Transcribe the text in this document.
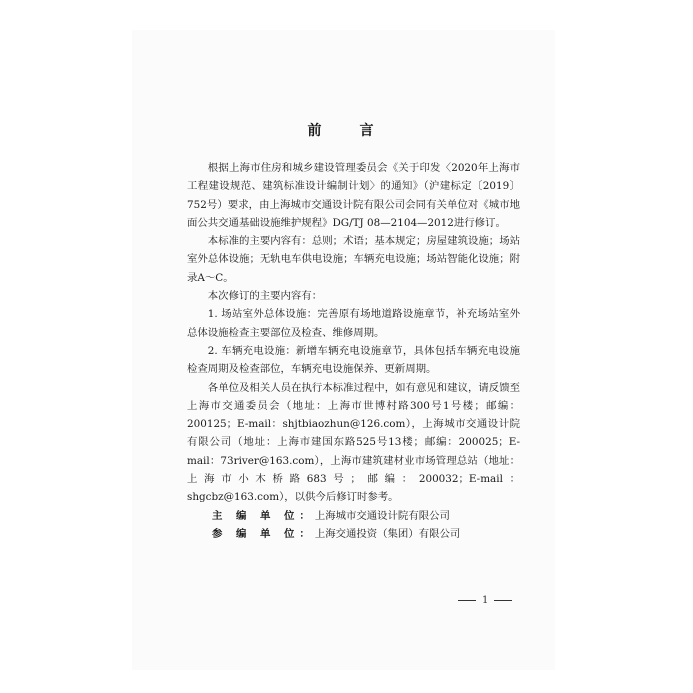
前　言

根据上海市住房和城乡建设管理委员会《关于印发〈2020年上海市工程建设规范、建筑标准设计编制计划〉的通知》（沪建标定〔2019〕752号）要求，由上海城市交通设计院有限公司会同有关单位对《城市地面公共交通基础设施维护规程》DG/TJ 08—2104—2012进行修订。

本标准的主要内容有：总则；术语；基本规定；房屋建筑设施；场站室外总体设施；无轨电车供电设施；车辆充电设施；场站智能化设施；附录A～C。

本次修订的主要内容有：

1. 场站室外总体设施：完善原有场地道路设施章节，补充场站室外总体设施检查主要部位及检查、维修周期。

2. 车辆充电设施：新增车辆充电设施章节，具体包括车辆充电设施检查周期及检查部位，车辆充电设施保养、更新周期。

各单位及相关人员在执行本标准过程中，如有意见和建议，请反馈至上海市交通委员会（地址：上海市世博村路300号1号楼；邮编：200125；E-mail：shjtbiaozhun@126.com），上海城市交通设计院有限公司（地址：上海市建国东路525号13楼；邮编：200025；E-mail：73river@163.com），上海市建筑建材业市场管理总站（地址：上海市小木桥路683号；邮编：200032；E-mail：shgcbz@163.com），以供今后修订时参考。

主 编 单 位：上海城市交通设计院有限公司

参 编 单 位：上海交通投资（集团）有限公司

1
